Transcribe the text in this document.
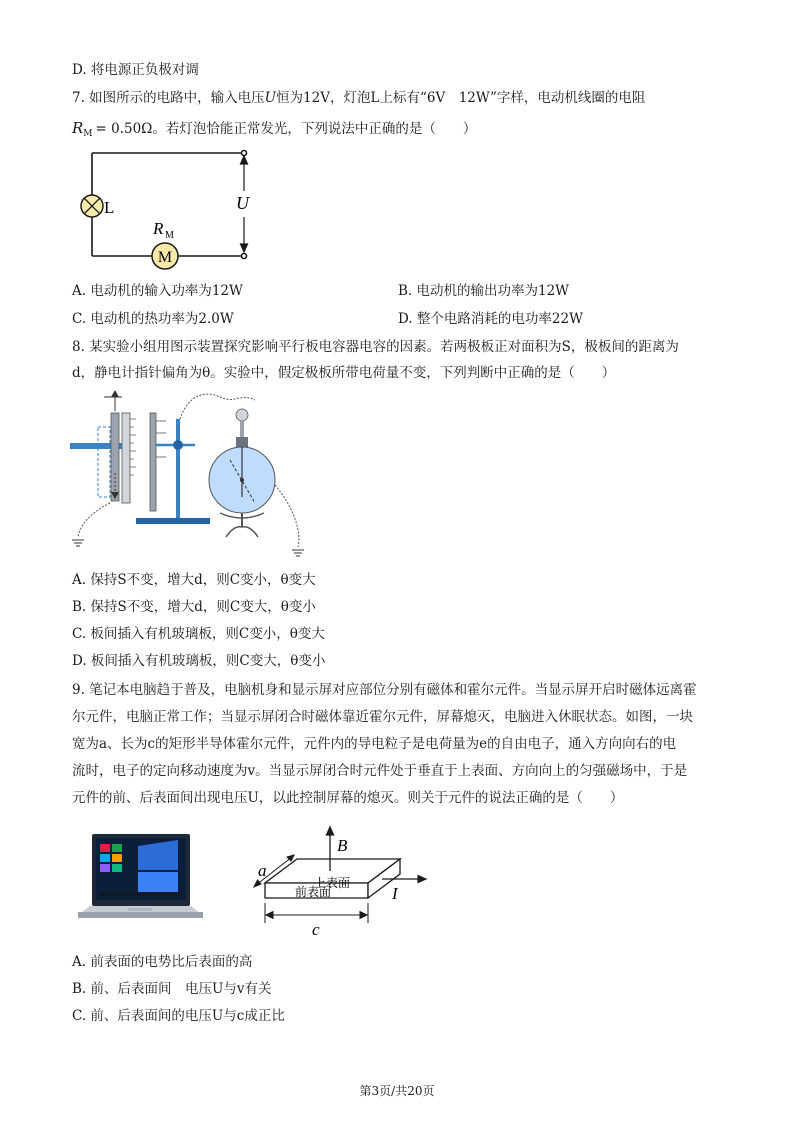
D. 将电源正负极对调
7. 如图所示的电路中，输入电压U恒为12V，灯泡L上标有“6V　12W”字样，电动机线圈的电阻
$R_M = 0.50\Omega$。若灯泡恰能正常发光，下列说法中正确的是（　　）
L
M
R M
U
A. 电动机的输入功率为12W	B. 电动机的输出功率为12W
C. 电动机的热功率为2.0W	D. 整个电路消耗的电功率22W
8. 某实验小组用图示装置探究影响平行板电容器电容的因素。若两极板正对面积为S，极板间的距离为
d，静电计指针偏角为θ。实验中，假定极板所带电荷量不变，下列判断中正确的是（　　）
A. 保持S不变，增大d，则C变小，θ变大
B. 保持S不变，增大d，则C变大，θ变小
C. 板间插入有机玻璃板，则C变小，θ变大
D. 板间插入有机玻璃板，则C变大，θ变小
9. 笔记本电脑趋于普及，电脑机身和显示屏对应部位分别有磁体和霍尔元件。当显示屏开启时磁体远离霍
尔元件，电脑正常工作；当显示屏闭合时磁体靠近霍尔元件，屏幕熄灭，电脑进入休眠状态。如图，一块
宽为a、长为c的矩形半导体霍尔元件，元件内的导电粒子是电荷量为e的自由电子，通入方向向右的电
流时，电子的定向移动速度为v。当显示屏闭合时元件处于垂直于上表面、方向向上的匀强磁场中，于是
元件的前、后表面间出现电压U，以此控制屏幕的熄灭。则关于元件的说法正确的是（　　）
B
a
上表面
前表面	I
c
A. 前表面的电势比后表面的高
B. 前、后表面间　电压U与v有关
C. 前、后表面间的电压U与c成正比
第3页/共20页
